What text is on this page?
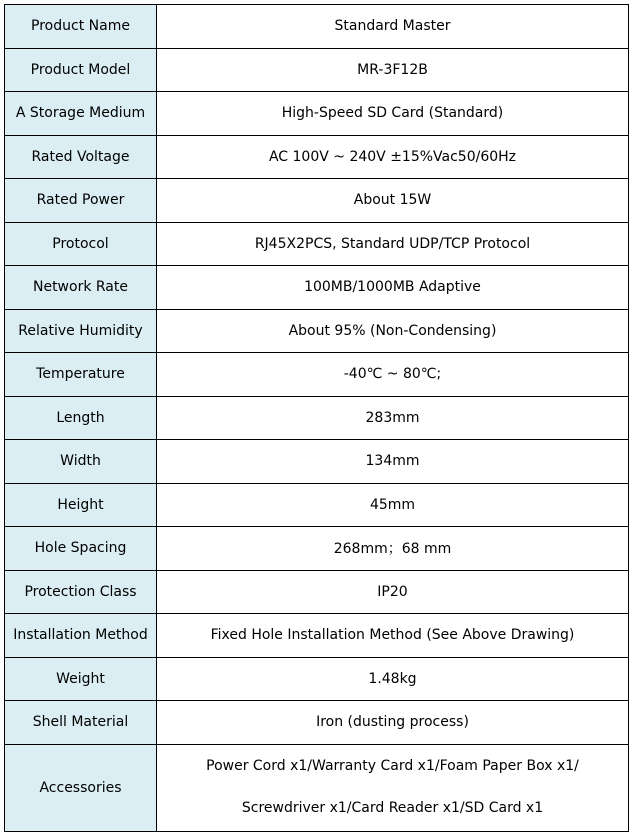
Product Name	Standard Master
Product Model	MR-3F12B
A Storage Medium	High-Speed SD Card (Standard)
Rated Voltage	AC 100V ~ 240V ±15%Vac50/60Hz
Rated Power	About 15W
Protocol	RJ45X2PCS, Standard UDP/TCP Protocol
Network Rate	100MB/1000MB Adaptive
Relative Humidity	About 95% (Non-Condensing)
Temperature	-40℃ ~ 80℃;
Length	283mm
Width	134mm
Height	45mm
Hole Spacing	268mm；68 mm
Protection Class	IP20
Installation Method	Fixed Hole Installation Method (See Above Drawing)
Weight	1.48kg
Shell Material	Iron (dusting process)
Accessories	Power Cord x1/Warranty Card x1/Foam Paper Box x1/
Screwdriver x1/Card Reader x1/SD Card x1
